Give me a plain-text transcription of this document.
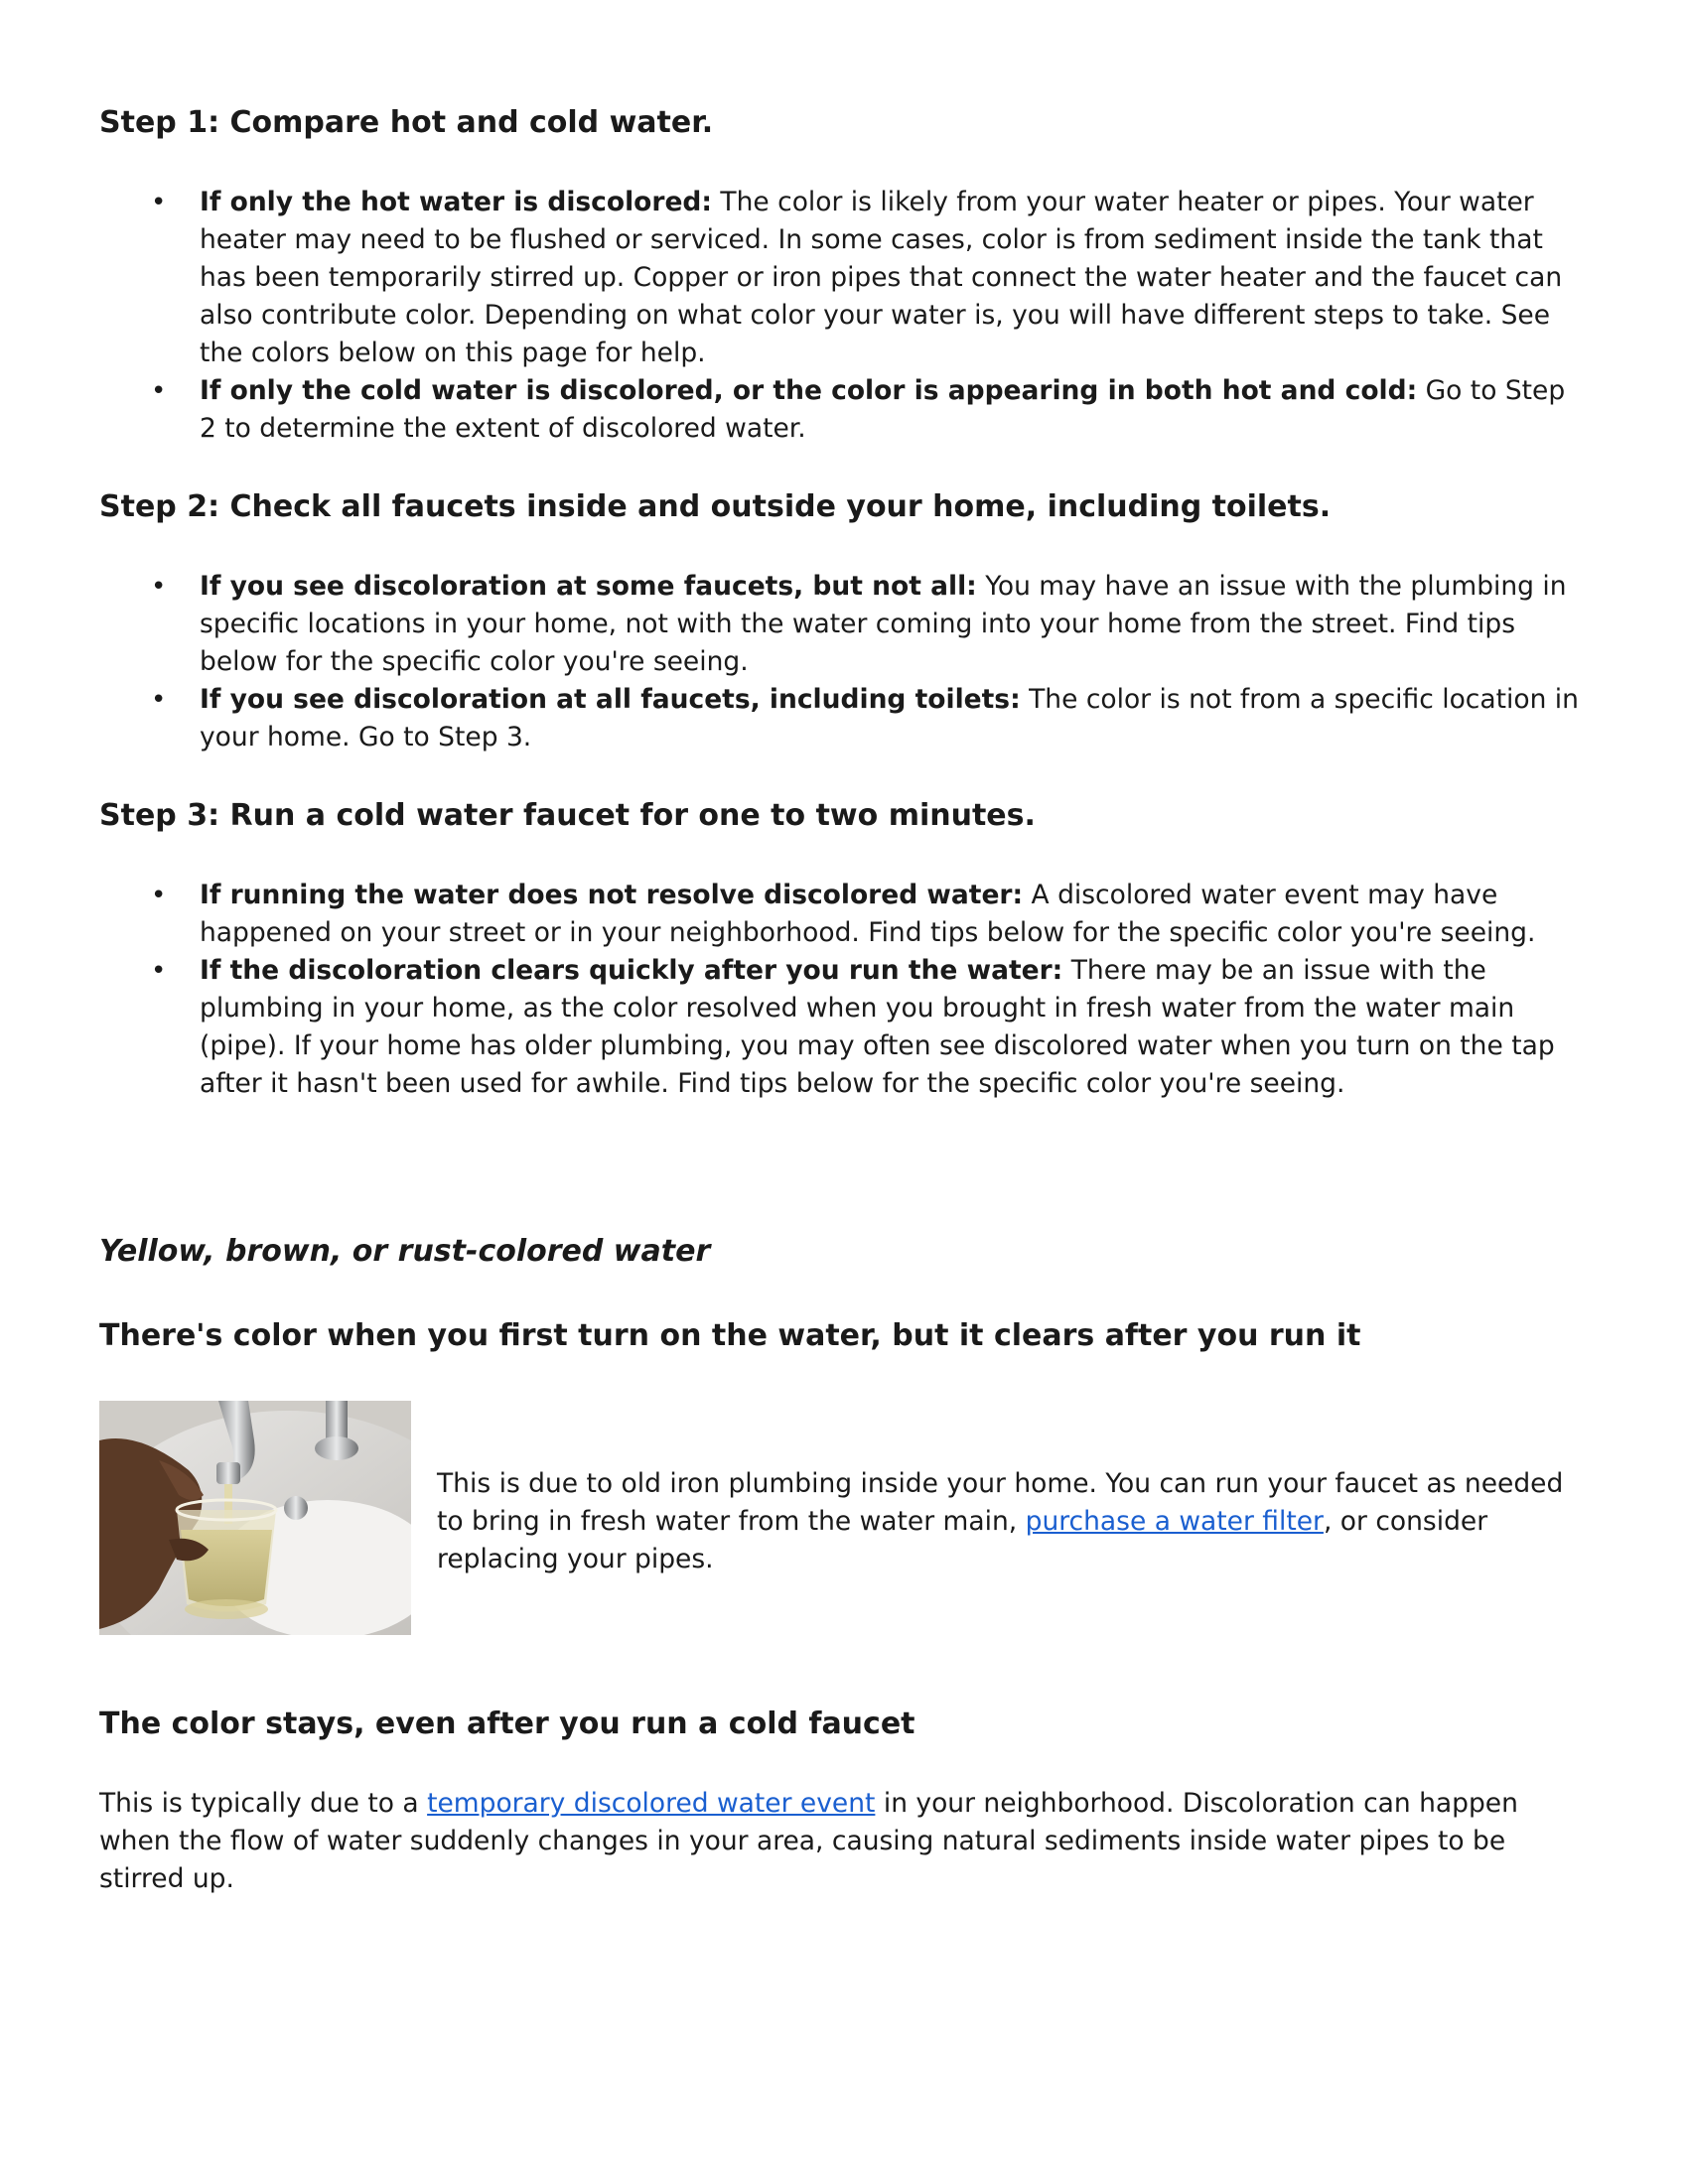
Step 1: Compare hot and cold water.
• If only the hot water is discolored: The color is likely from your water heater or pipes. Your water heater may need to be flushed or serviced. In some cases, color is from sediment inside the tank that has been temporarily stirred up. Copper or iron pipes that connect the water heater and the faucet can also contribute color. Depending on what color your water is, you will have different steps to take. See the colors below on this page for help.
• If only the cold water is discolored, or the color is appearing in both hot and cold: Go to Step 2 to determine the extent of discolored water.
Step 2: Check all faucets inside and outside your home, including toilets.
• If you see discoloration at some faucets, but not all: You may have an issue with the plumbing in specific locations in your home, not with the water coming into your home from the street. Find tips below for the specific color you're seeing.
• If you see discoloration at all faucets, including toilets: The color is not from a specific location in your home. Go to Step 3.
Step 3: Run a cold water faucet for one to two minutes.
• If running the water does not resolve discolored water: A discolored water event may have happened on your street or in your neighborhood. Find tips below for the specific color you're seeing.
• If the discoloration clears quickly after you run the water: There may be an issue with the plumbing in your home, as the color resolved when you brought in fresh water from the water main (pipe). If your home has older plumbing, you may often see discolored water when you turn on the tap after it hasn't been used for awhile. Find tips below for the specific color you're seeing.
Yellow, brown, or rust-colored water
There's color when you first turn on the water, but it clears after you run it

This is due to old iron plumbing inside your home. You can run your faucet as needed to bring in fresh water from the water main, purchase a water filter, or consider replacing your pipes.

The color stays, even after you run a cold faucet

This is typically due to a temporary discolored water event in your neighborhood. Discoloration can happen when the flow of water suddenly changes in your area, causing natural sediments inside water pipes to be stirred up.
